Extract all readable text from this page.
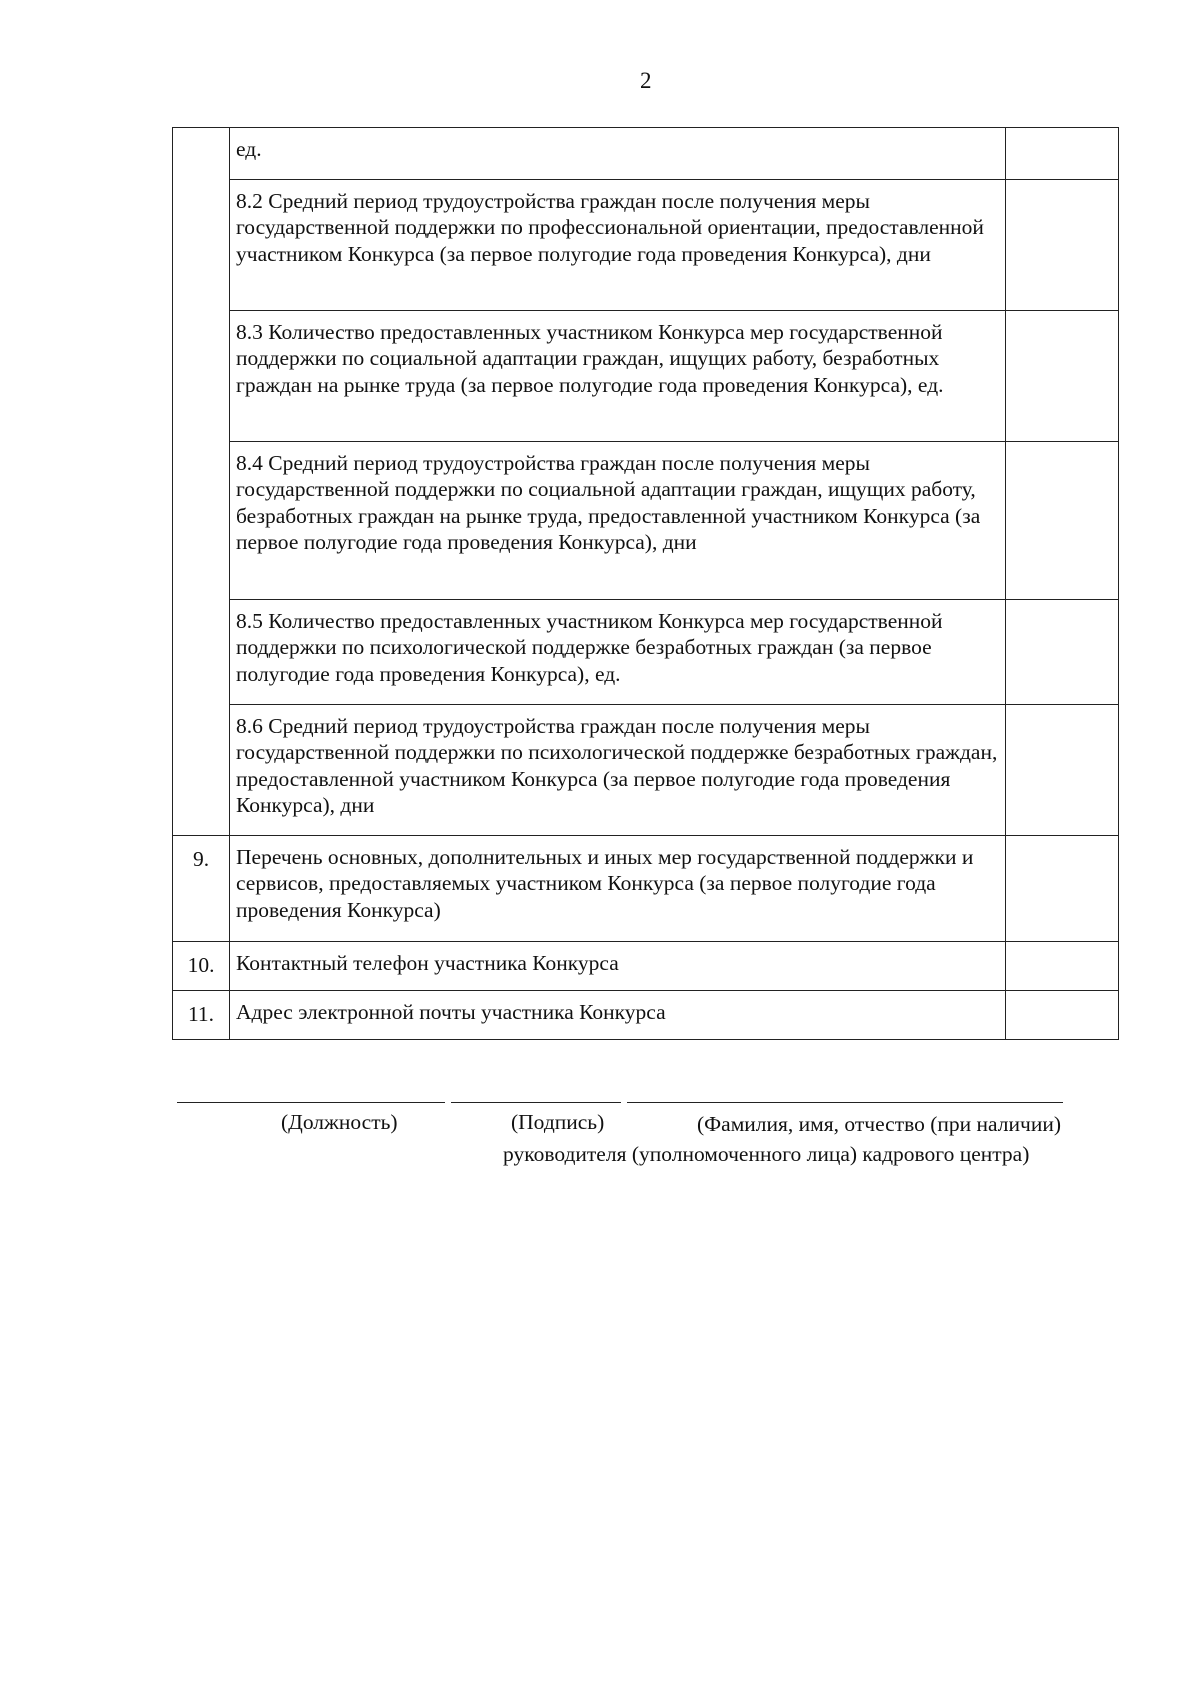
2
	ед.	
	8.2 Средний период трудоустройства граждан после получения меры государственной поддержки по профессиональной ориентации, предоставленной участником Конкурса (за первое полугодие года проведения Конкурса), дни	
	8.3 Количество предоставленных участником Конкурса мер государственной поддержки по социальной адаптации граждан, ищущих работу, безработных граждан на рынке труда (за первое полугодие года проведения Конкурса), ед.	
	8.4 Средний период трудоустройства граждан после получения меры государственной поддержки по социальной адаптации граждан, ищущих работу, безработных граждан на рынке труда, предоставленной участником Конкурса (за первое полугодие года проведения Конкурса), дни	
	8.5 Количество предоставленных участником Конкурса мер государственной поддержки по психологической поддержке безработных граждан (за первое полугодие года проведения Конкурса), ед.	
	8.6 Средний период трудоустройства граждан после получения меры государственной поддержки по психологической поддержке безработных граждан, предоставленной участником Конкурса (за первое полугодие года проведения Конкурса), дни	
9.	Перечень основных, дополнительных и иных мер государственной поддержки и сервисов, предоставляемых участником Конкурса (за первое полугодие года проведения Конкурса)	
10.	Контактный телефон участника Конкурса	
11.	Адрес электронной почты участника Конкурса	
(Должность)	(Подпись)	(Фамилия, имя, отчество (при наличии)
руководителя (уполномоченного лица) кадрового центра)
